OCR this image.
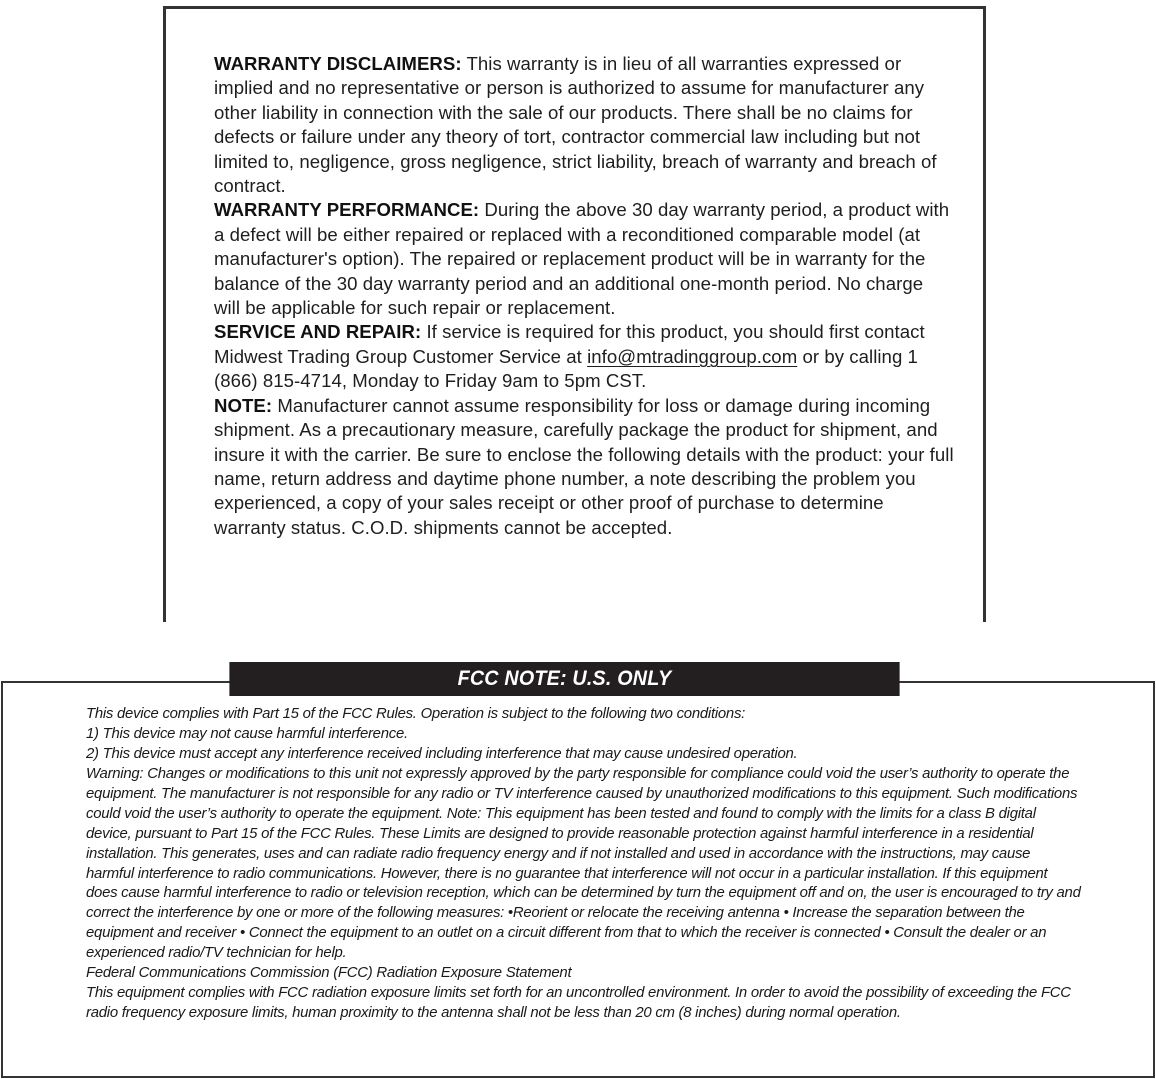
WARRANTY DISCLAIMERS: This warranty is in lieu of all warranties expressed or implied and no representative or person is authorized to assume for manufacturer any other liability in connection with the sale of our products. There shall be no claims for defects or failure under any theory of tort, contractor commercial law including but not limited to, negligence, gross negligence, strict liability, breach of warranty and breach of contract.

WARRANTY PERFORMANCE: During the above 30 day warranty period, a product with a defect will be either repaired or replaced with a reconditioned comparable model (at manufacturer's option). The repaired or replacement product will be in warranty for the balance of the 30 day warranty period and an additional one-month period. No charge will be applicable for such repair or replacement.

SERVICE AND REPAIR: If service is required for this product, you should first contact Midwest Trading Group Customer Service at info@mtradinggroup.com or by calling 1 (866) 815-4714, Monday to Friday 9am to 5pm CST.

NOTE: Manufacturer cannot assume responsibility for loss or damage during incoming shipment. As a precautionary measure, carefully package the product for shipment, and insure it with the carrier. Be sure to enclose the following details with the product: your full name, return address and daytime phone number, a note describing the problem you experienced, a copy of your sales receipt or other proof of purchase to determine warranty status. C.O.D. shipments cannot be accepted.

FCC NOTE: U.S. ONLY

This device complies with Part 15 of the FCC Rules. Operation is subject to the following two conditions:

1) This device may not cause harmful interference.

2) This device must accept any interference received including interference that may cause undesired operation.

Warning: Changes or modifications to this unit not expressly approved by the party responsible for compliance could void the user’s authority to operate the equipment. The manufacturer is not responsible for any radio or TV interference caused by unauthorized modifications to this equipment. Such modifications could void the user’s authority to operate the equipment. Note: This equipment has been tested and found to comply with the limits for a class B digital device, pursuant to Part 15 of the FCC Rules. These Limits are designed to provide reasonable protection against harmful interference in a residential installation. This generates, uses and can radiate radio frequency energy and if not installed and used in accordance with the instructions, may cause harmful interference to radio communications. However, there is no guarantee that interference will not occur in a particular installation. If this equipment does cause harmful interference to radio or television reception, which can be determined by turn the equipment off and on, the user is encouraged to try and correct the interference by one or more of the following measures: •Reorient or relocate the receiving antenna • Increase the separation between the equipment and receiver • Connect the equipment to an outlet on a circuit different from that to which the receiver is connected • Consult the dealer or an experienced radio/TV technician for help.

Federal Communications Commission (FCC) Radiation Exposure Statement

This equipment complies with FCC radiation exposure limits set forth for an uncontrolled environment. In order to avoid the possibility of exceeding the FCC radio frequency exposure limits, human proximity to the antenna shall not be less than 20 cm (8 inches) during normal operation.
